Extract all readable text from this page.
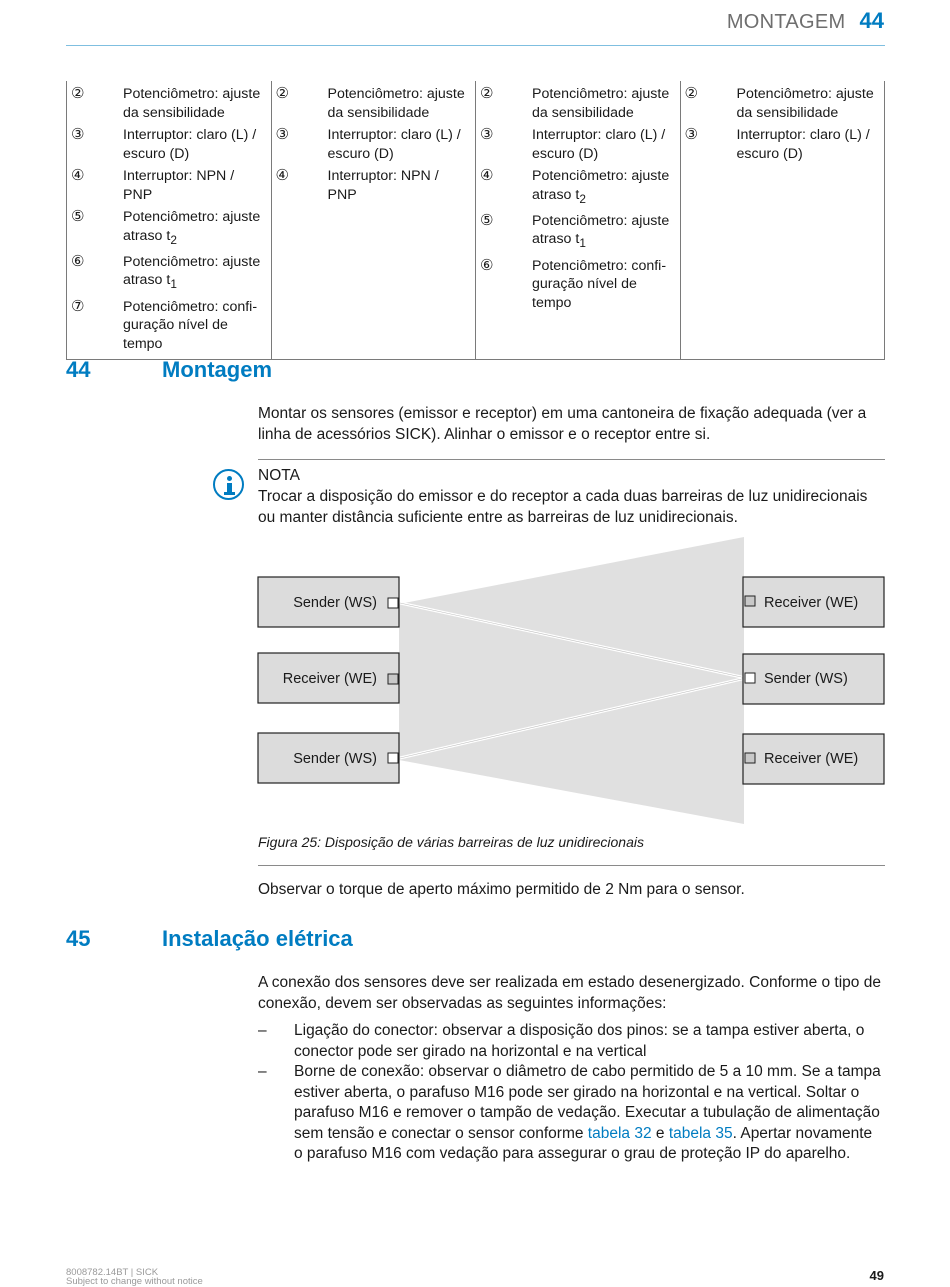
MONTAGEM 44
②	Potenciômetro: ajuste da sensibilidade
③	Interruptor: claro (L) / escuro (D)
④	Interruptor: NPN / PNP
⑤	Potenciômetro: ajuste atraso $t_2$
⑥	Potenciômetro: ajuste atraso $t_1$
⑦	Potenciômetro: configuração nível de tempo

②	Potenciômetro: ajuste da sensibilidade
③	Interruptor: claro (L) / escuro (D)
④	Interruptor: NPN / PNP

②	Potenciômetro: ajuste da sensibilidade
③	Interruptor: claro (L) / escuro (D)
④	Potenciômetro: ajuste atraso $t_2$
⑤	Potenciômetro: ajuste atraso $t_1$
⑥	Potenciômetro: configuração nível de tempo

②	Potenciômetro: ajuste da sensibilidade
③	Interruptor: claro (L) / escuro (D)
44	Montagem
Montar os sensores (emissor e receptor) em uma cantoneira de fixação adequada (ver a linha de acessórios SICK). Alinhar o emissor e o receptor entre si.
NOTA
Trocar a disposição do emissor e do receptor a cada duas barreiras de luz unidirecionais ou manter distância suficiente entre as barreiras de luz unidirecionais.
Sender (WS)
Receiver (WE)
Sender (WS)
Receiver (WE)
Sender (WS)
Receiver (WE)
Figura 25: Disposição de várias barreiras de luz unidirecionais
Observar o torque de aperto máximo permitido de 2 Nm para o sensor.
45	Instalação elétrica
A conexão dos sensores deve ser realizada em estado desenergizado. Conforme o tipo de conexão, devem ser observadas as seguintes informações:
– Ligação do conector: observar a disposição dos pinos: se a tampa estiver aberta, o conector pode ser girado na horizontal e na vertical
– Borne de conexão: observar o diâmetro de cabo permitido de 5 a 10 mm. Se a tampa estiver aberta, o parafuso M16 pode ser girado na horizontal e na vertical. Soltar o parafuso M16 e remover o tampão de vedação. Executar a tubulação de alimentação sem tensão e conectar o sensor conforme tabela 32 e tabela 35. Apertar novamente o parafuso M16 com vedação para assegurar o grau de proteção IP do aparelho.
8008782.14BT | SICK
Subject to change without notice	49
